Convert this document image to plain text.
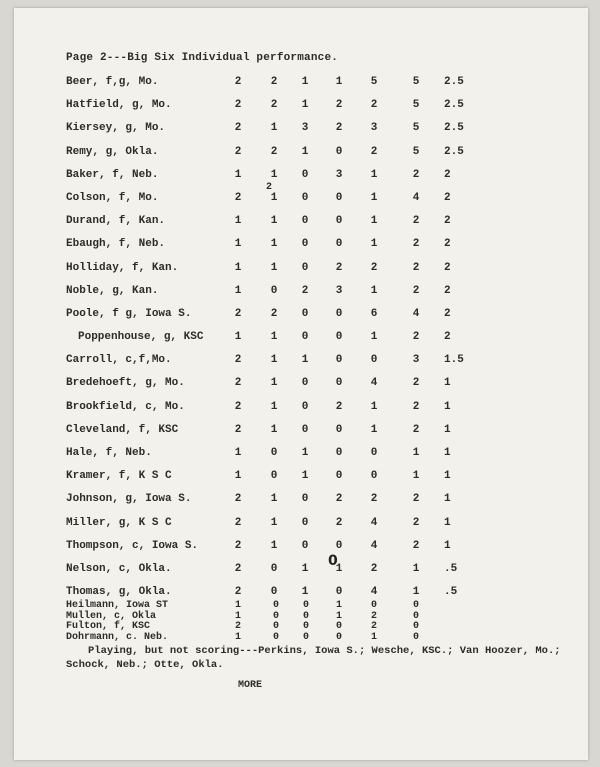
Page 2---Big Six Individual performance.
Beer, f,g, Mo.	2	2	1	1	5	5	2.5
Hatfield, g, Mo.	2	2	1	2	2	5	2.5
Kiersey, g, Mo.	2	1	3	2	3	5	2.5
Remy, g, Okla.	2	2	1	0	2	5	2.5
Baker, f, Neb.	1	1	0	3	1	2	2
Colson, f, Mo.	2	1	0	0	1	4	2
2
Durand, f, Kan.	1	1	0	0	1	2	2
Ebaugh, f, Neb.	1	1	0	0	1	2	2
Holliday, f, Kan.	1	1	0	2	2	2	2
Noble, g, Kan.	1	0	2	3	1	2	2
Poole, f g, Iowa S.	2	2	0	0	6	4	2
Poppenhouse, g, KSC	1	1	0	0	1	2	2
Carroll, c,f,Mo.	2	1	1	0	0	3	1.5
Bredehoeft, g, Mo.	2	1	0	0	4	2	1
Brookfield, c, Mo.	2	1	0	2	1	2	1
Cleveland, f, KSC	2	1	0	0	1	2	1
Hale, f, Neb.	1	0	1	0	0	1	1
Kramer, f, K S C	1	0	1	0	0	1	1
Johnson, g, Iowa S.	2	1	0	2	2	2	1
Miller, g, K S C	2	1	0	2	4	2	1
Thompson, c, Iowa S.	2	1	0	0	4	2	1
Nelson, c, Okla.	2	0	1	1	2	1	.5
0
Thomas, g, Okla.	2	0	1	0	4	1	.5
Heilmann, Iowa ST	1	0	0	1	0	0
Mullen, c, Okla	1	0	0	1	2	0
Fulton, f, KSC	2	0	0	0	2	0
Dohrmann, c. Neb.	1	0	0	0	1	0
Playing, but not scoring---Perkins, Iowa S.; Wesche, KSC.; Van Hoozer, Mo.; Schock, Neb.; Otte, Okla.
MORE
